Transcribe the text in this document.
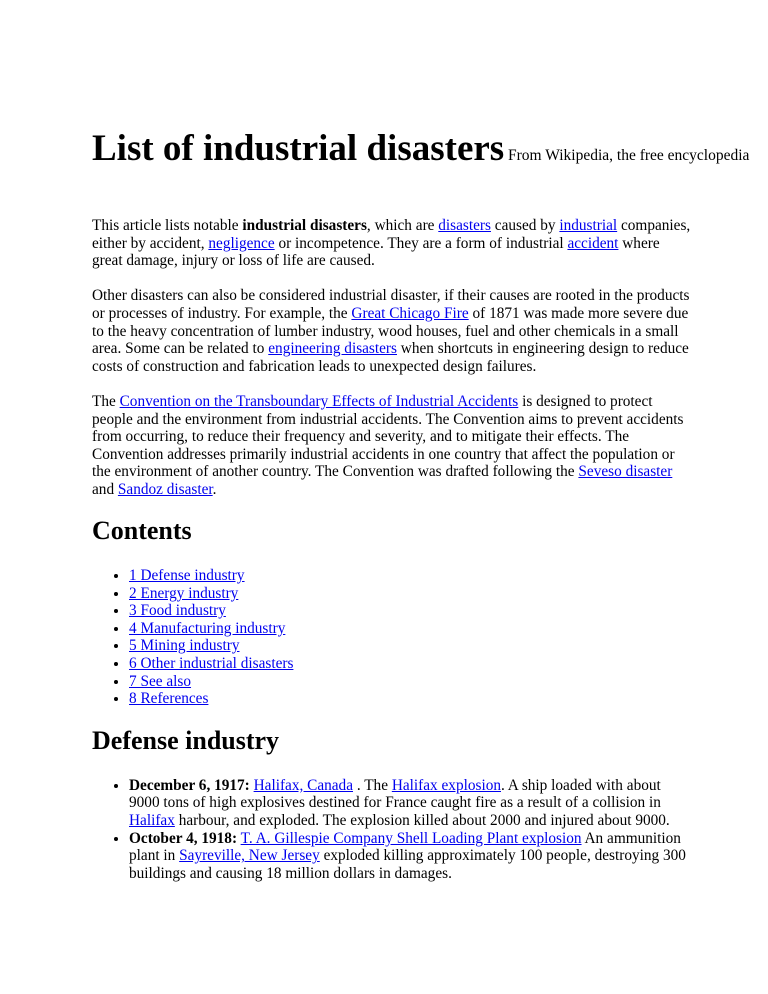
List of industrial disasters From Wikipedia, the free encyclopedia

This article lists notable industrial disasters, which are disasters caused by industrial companies, either by accident, negligence or incompetence. They are a form of industrial accident where great damage, injury or loss of life are caused.

Other disasters can also be considered industrial disaster, if their causes are rooted in the products or processes of industry. For example, the Great Chicago Fire of 1871 was made more severe due to the heavy concentration of lumber industry, wood houses, fuel and other chemicals in a small area. Some can be related to engineering disasters when shortcuts in engineering design to reduce costs of construction and fabrication leads to unexpected design failures.

The Convention on the Transboundary Effects of Industrial Accidents is designed to protect people and the environment from industrial accidents. The Convention aims to prevent accidents from occurring, to reduce their frequency and severity, and to mitigate their effects. The Convention addresses primarily industrial accidents in one country that affect the population or the environment of another country. The Convention was drafted following the Seveso disaster and Sandoz disaster.

Contents
• 1 Defense industry
• 2 Energy industry
• 3 Food industry
• 4 Manufacturing industry
• 5 Mining industry
• 6 Other industrial disasters
• 7 See also
• 8 References
Defense industry
• December 6, 1917: Halifax, Canada . The Halifax explosion. A ship loaded with about 9000 tons of high explosives destined for France caught fire as a result of a collision in Halifax harbour, and exploded. The explosion killed about 2000 and injured about 9000.
• October 4, 1918: T. A. Gillespie Company Shell Loading Plant explosion An ammunition plant in Sayreville, New Jersey exploded killing approximately 100 people, destroying 300 buildings and causing 18 million dollars in damages.
